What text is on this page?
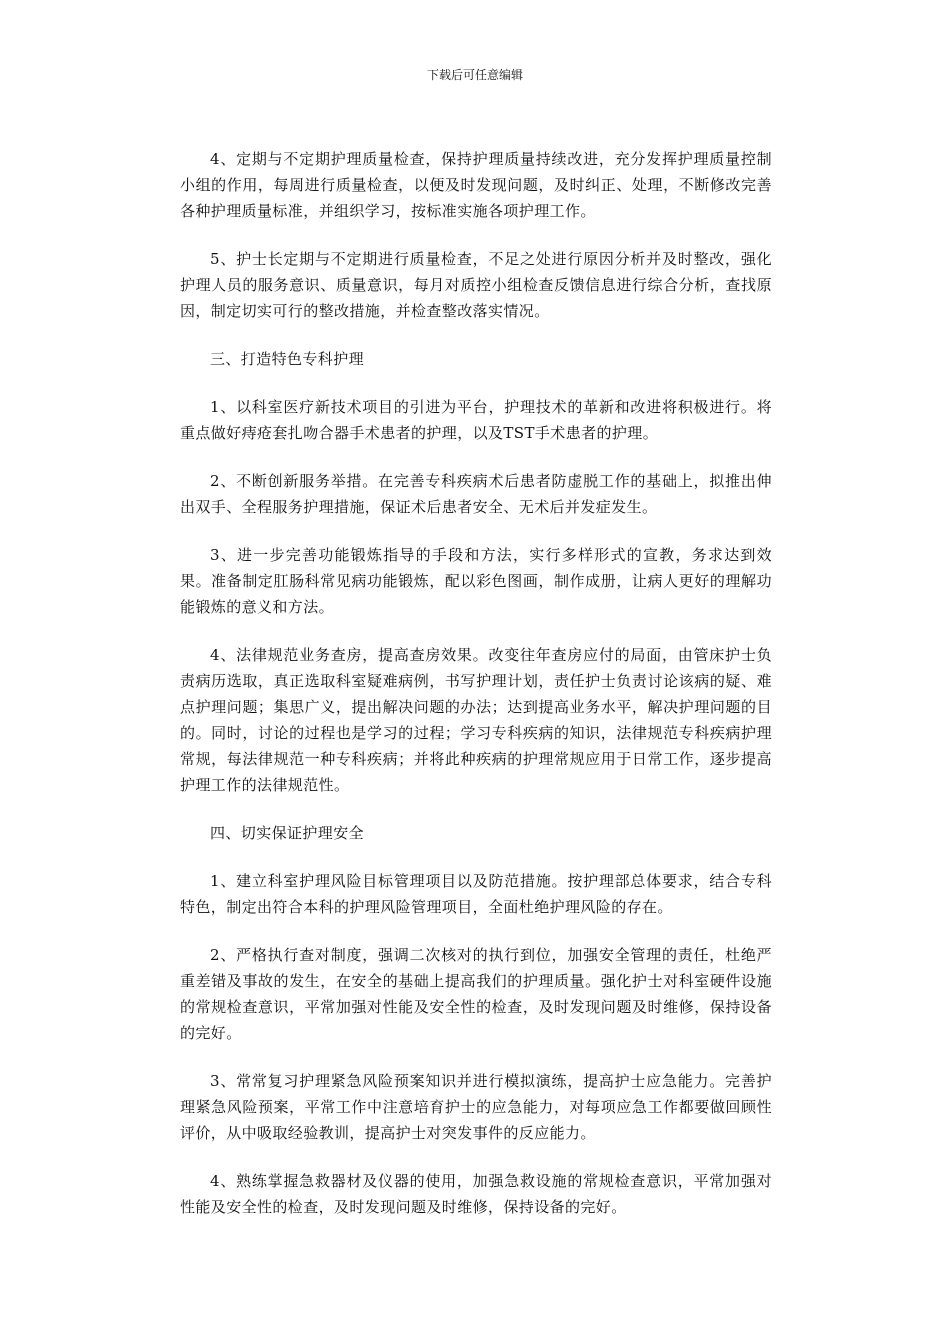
下载后可任意编辑

4、定期与不定期护理质量检查，保持护理质量持续改进，充分发挥护理质量控制小组的作用，每周进行质量检查，以便及时发现问题，及时纠正、处理，不断修改完善各种护理质量标准，并组织学习，按标准实施各项护理工作。

5、护士长定期与不定期进行质量检查，不足之处进行原因分析并及时整改，强化护理人员的服务意识、质量意识，每月对质控小组检查反馈信息进行综合分析，查找原因，制定切实可行的整改措施，并检查整改落实情况。

三、打造特色专科护理

1、以科室医疗新技术项目的引进为平台，护理技术的革新和改进将积极进行。将重点做好痔疮套扎吻合器手术患者的护理，以及TST手术患者的护理。

2、不断创新服务举措。在完善专科疾病术后患者防虚脱工作的基础上，拟推出伸出双手、全程服务护理措施，保证术后患者安全、无术后并发症发生。

3、进一步完善功能锻炼指导的手段和方法，实行多样形式的宣教，务求达到效果。准备制定肛肠科常见病功能锻炼，配以彩色图画，制作成册，让病人更好的理解功能锻炼的意义和方法。

4、法律规范业务查房，提高查房效果。改变往年查房应付的局面，由管床护士负责病历选取，真正选取科室疑难病例，书写护理计划，责任护士负责讨论该病的疑、难点护理问题；集思广义，提出解决问题的办法；达到提高业务水平，解决护理问题的目的。同时，讨论的过程也是学习的过程；学习专科疾病的知识，法律规范专科疾病护理常规，每法律规范一种专科疾病；并将此种疾病的护理常规应用于日常工作，逐步提高护理工作的法律规范性。

四、切实保证护理安全

1、建立科室护理风险目标管理项目以及防范措施。按护理部总体要求，结合专科特色，制定出符合本科的护理风险管理项目，全面杜绝护理风险的存在。

2、严格执行查对制度，强调二次核对的执行到位，加强安全管理的责任，杜绝严重差错及事故的发生，在安全的基础上提高我们的护理质量。强化护士对科室硬件设施的常规检查意识，平常加强对性能及安全性的检查，及时发现问题及时维修，保持设备的完好。

3、常常复习护理紧急风险预案知识并进行模拟演练，提高护士应急能力。完善护理紧急风险预案，平常工作中注意培育护士的应急能力，对每项应急工作都要做回顾性评价，从中吸取经验教训，提高护士对突发事件的反应能力。

4、熟练掌握急救器材及仪器的使用，加强急救设施的常规检查意识，平常加强对性能及安全性的检查，及时发现问题及时维修，保持设备的完好。
